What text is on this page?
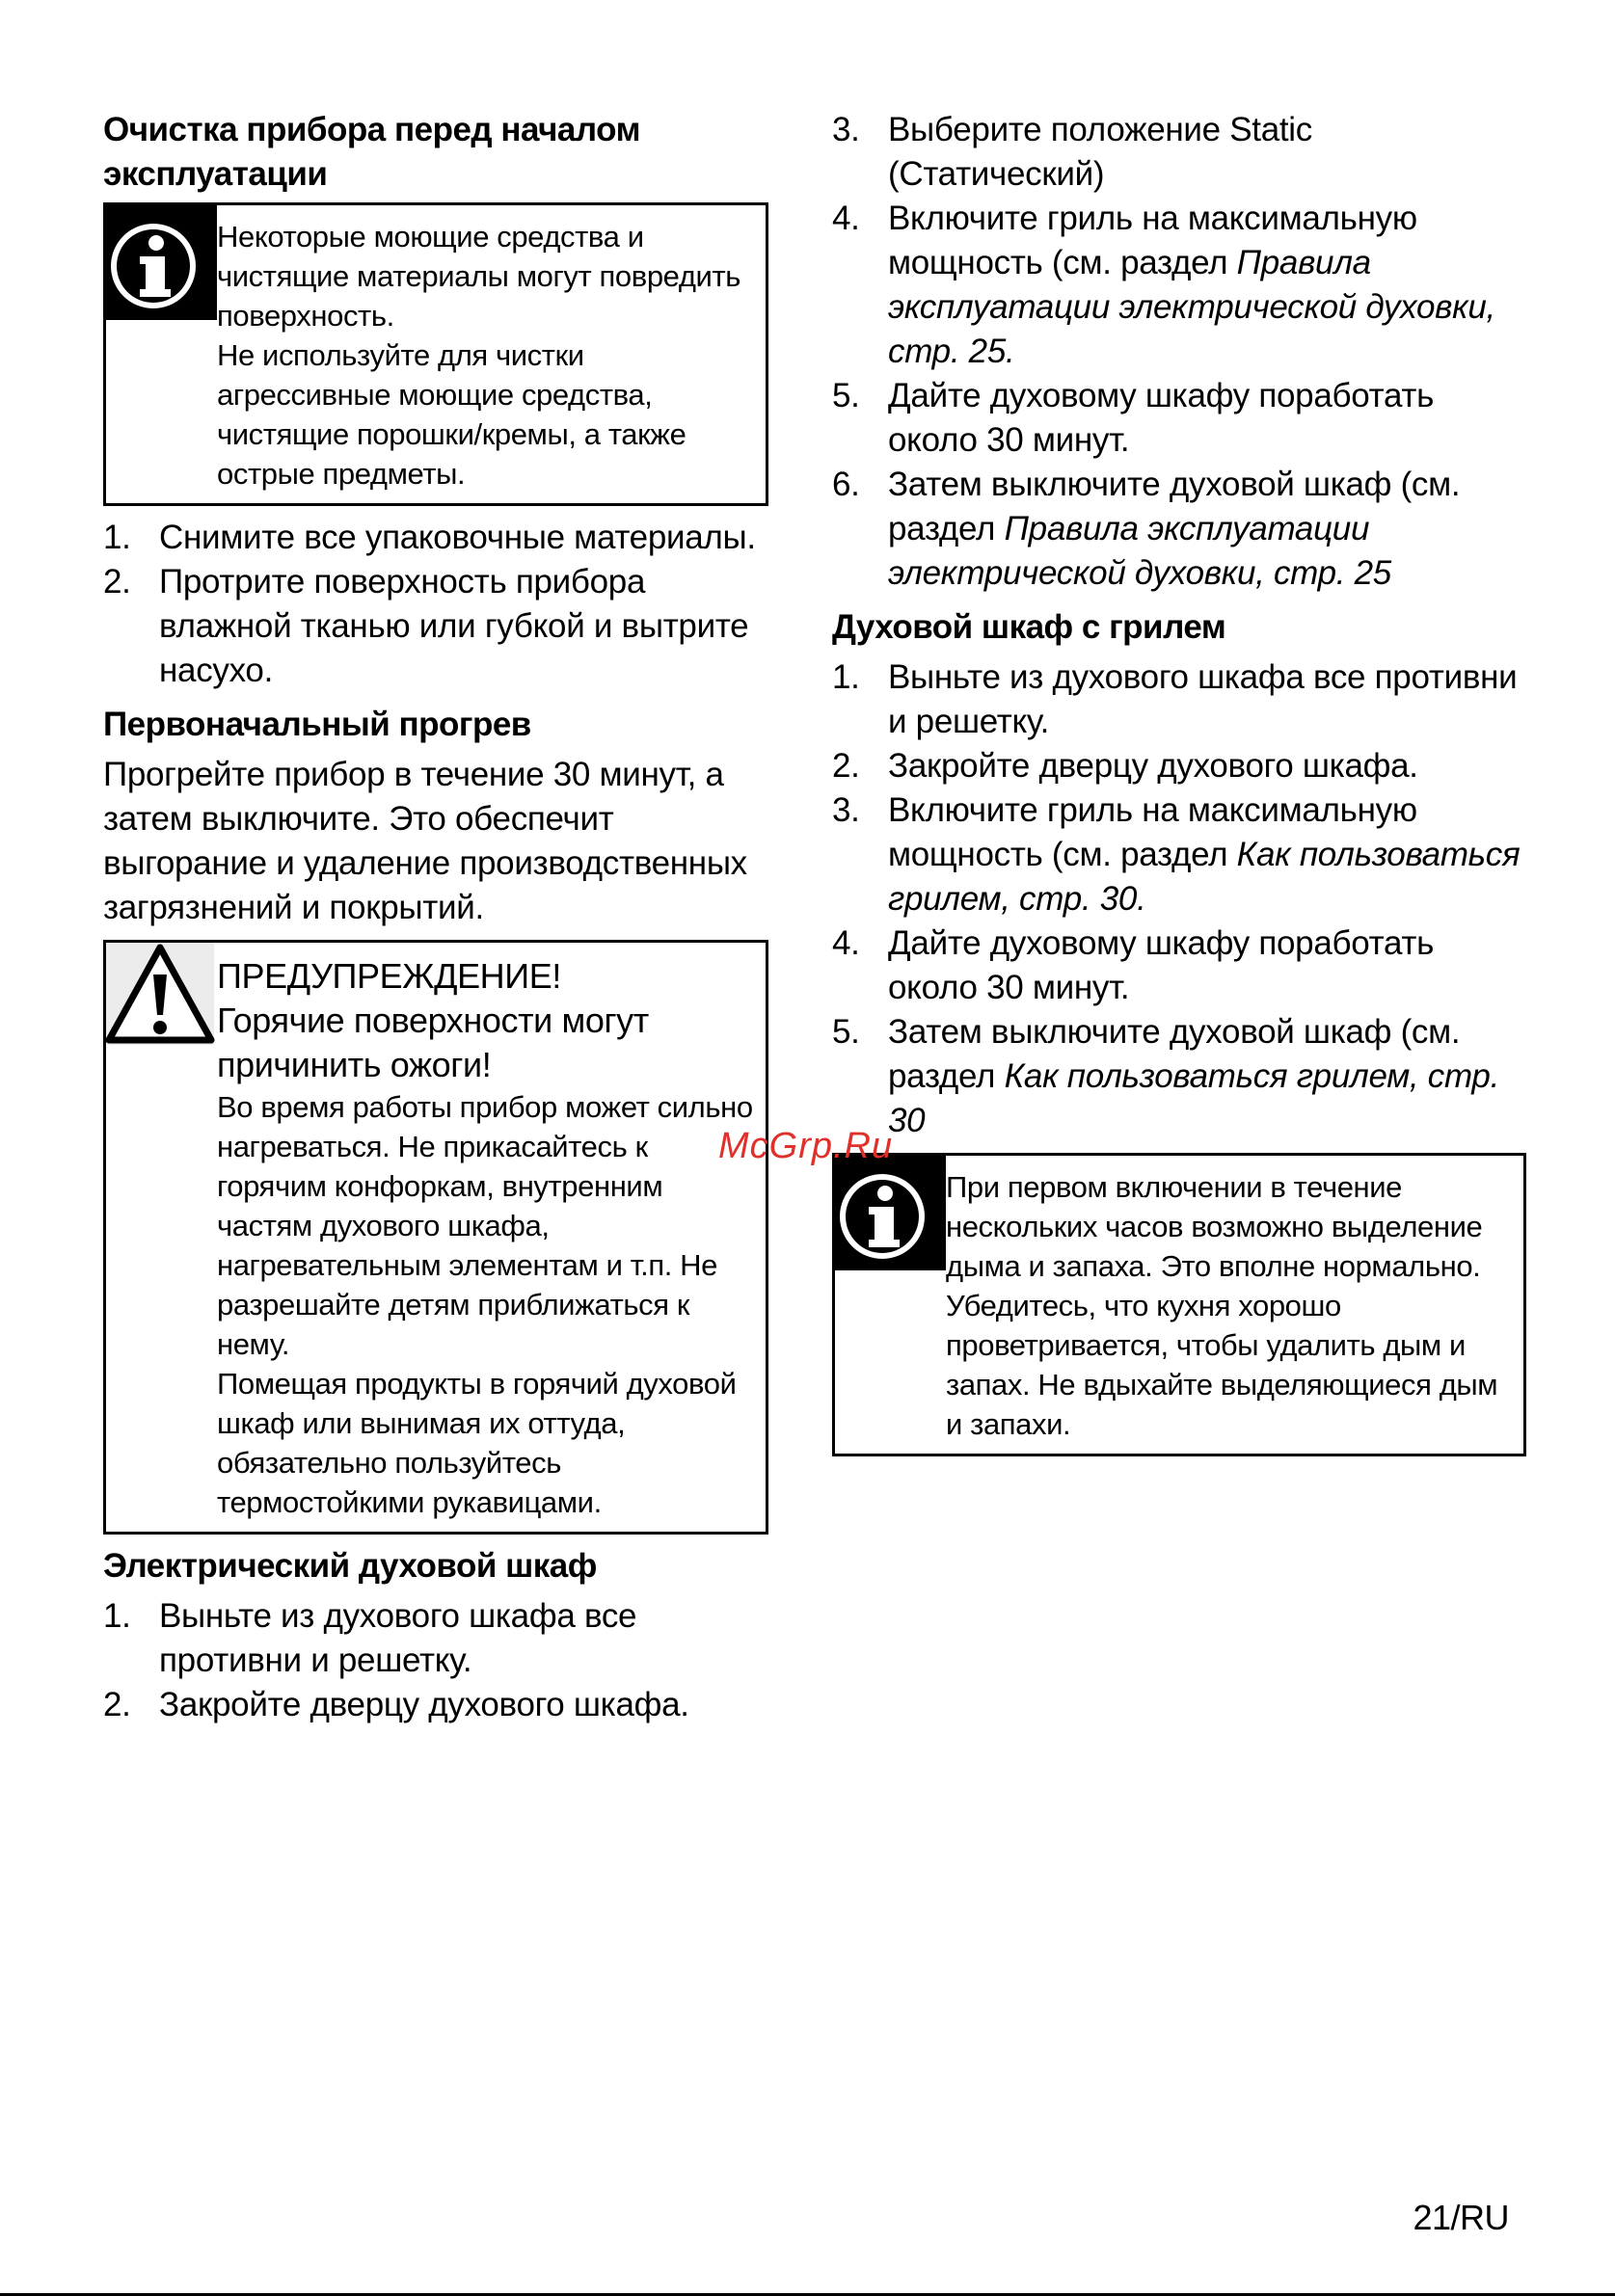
Очистка прибора перед началом эксплуатации

Некоторые моющие средства и чистящие материалы могут повредить поверхность.

Не используйте для чистки агрессивные моющие средства, чистящие порошки/кремы, а также острые предметы.

1. Снимите все упаковочные материалы.
2. Протрите поверхность прибора влажной тканью или губкой и вытрите насухо.
Первоначальный прогрев

Прогрейте прибор в течение 30 минут, а затем выключите. Это обеспечит выгорание и удаление производственных загрязнений и покрытий.

ПРЕДУПРЕЖДЕНИЕ!

Горячие поверхности могут причинить ожоги!

Во время работы прибор может сильно нагреваться. Не прикасайтесь к горячим конфоркам, внутренним частям духового шкафа, нагревательным элементам и т.п. Не разрешайте детям приближаться к нему.

Помещая продукты в горячий духовой шкаф или вынимая их оттуда, обязательно пользуйтесь термостойкими рукавицами.

Электрический духовой шкаф
1. Выньте из духового шкафа все противни и решетку.
2. Закройте дверцу духового шкафа.
3. Выберите положение Static (Статический)
4. Включите гриль на максимальную мощность (см. раздел Правила эксплуатации электрической духовки, стр. 25.
5. Дайте духовому шкафу поработать около 30 минут.
6. Затем выключите духовой шкаф (см. раздел Правила эксплуатации электрической духовки, стр. 25
Духовой шкаф с грилем
1. Выньте из духового шкафа все противни и решетку.
2. Закройте дверцу духового шкафа.
3. Включите гриль на максимальную мощность (см. раздел Как пользоваться грилем, стр. 30.
4. Дайте духовому шкафу поработать около 30 минут.
5. Затем выключите духовой шкаф (см. раздел Как пользоваться грилем, стр. 30

При первом включении в течение нескольких часов возможно выделение дыма и запаха. Это вполне нормально.

Убедитесь, что кухня хорошо проветривается, чтобы удалить дым и запах. Не вдыхайте выделяющиеся дым и запахи.

McGrp.Ru
21/RU
